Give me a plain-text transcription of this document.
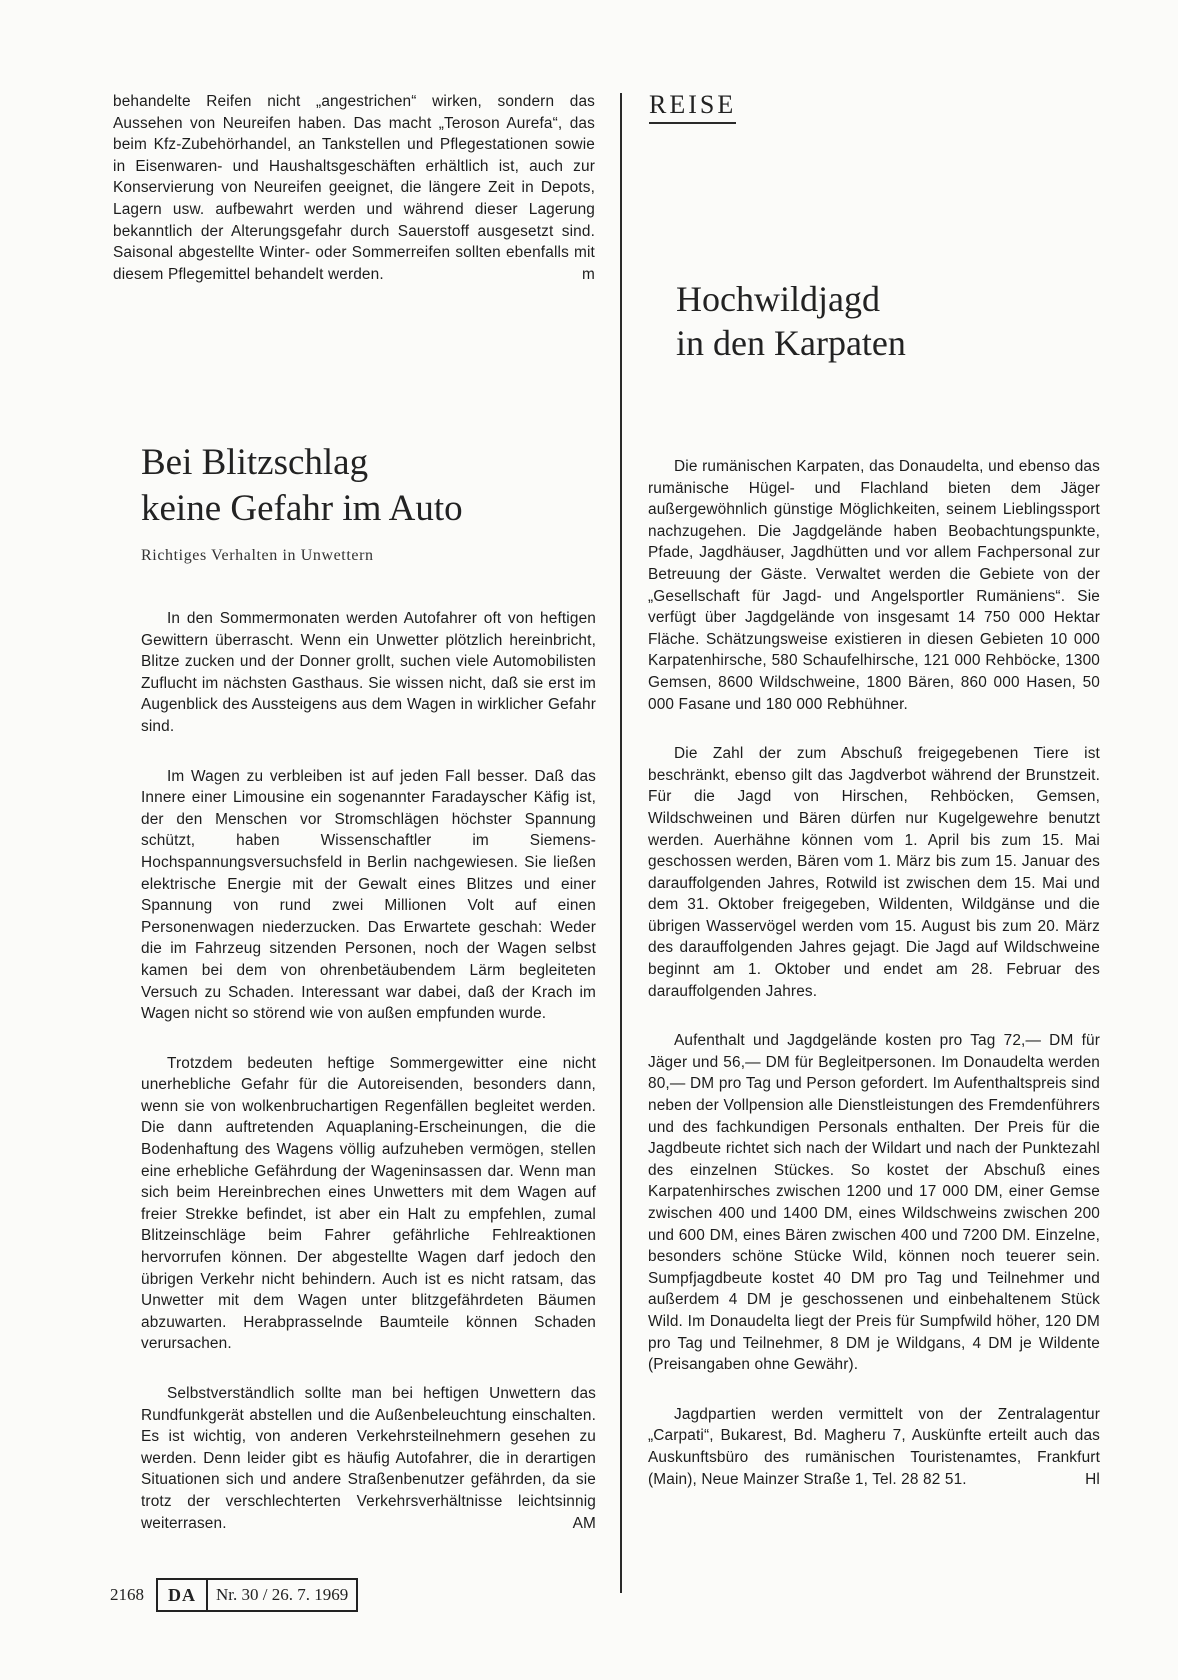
behandelte Reifen nicht „angestrichen“ wirken, sondern das Aussehen von Neureifen haben. Das macht „Teroson Aurefa“, das beim Kfz-Zubehörhandel, an Tankstellen und Pflegestationen sowie in Eisenwaren- und Haushaltsgeschäften erhältlich ist, auch zur Konservierung von Neureifen geeignet, die längere Zeit in Depots, Lagern usw. aufbewahrt werden und während dieser Lagerung bekanntlich der Alterungsgefahr durch Sauerstoff ausgesetzt sind. Saisonal abgestellte Winter- oder Sommerreifen sollten ebenfalls mit diesem Pflegemittel behandelt werden.	m

REISE
Hochwildjagd
in den Karpaten
Bei Blitzschlag
keine Gefahr im Auto
Richtiges Verhalten in Unwettern

In den Sommermonaten werden Autofahrer oft von heftigen Gewittern überrascht. Wenn ein Unwetter plötzlich hereinbricht, Blitze zucken und der Donner grollt, suchen viele Automobilisten Zuflucht im nächsten Gasthaus. Sie wissen nicht, daß sie erst im Augenblick des Aussteigens aus dem Wagen in wirklicher Gefahr sind.

Im Wagen zu verbleiben ist auf jeden Fall besser. Daß das Innere einer Limousine ein sogenannter Faradayscher Käfig ist, der den Menschen vor Stromschlägen höchster Spannung schützt, haben Wissenschaftler im Siemens-Hochspannungsversuchsfeld in Berlin nachgewiesen. Sie ließen elektrische Energie mit der Gewalt eines Blitzes und einer Spannung von rund zwei Millionen Volt auf einen Personenwagen niederzucken. Das Erwartete geschah: Weder die im Fahrzeug sitzenden Personen, noch der Wagen selbst kamen bei dem von ohrenbetäubendem Lärm begleiteten Versuch zu Schaden. Interessant war dabei, daß der Krach im Wagen nicht so störend wie von außen empfunden wurde.

Trotzdem bedeuten heftige Sommergewitter eine nicht unerhebliche Gefahr für die Autoreisenden, besonders dann, wenn sie von wolkenbruchartigen Regenfällen begleitet werden. Die dann auftretenden Aquaplaning-Erscheinungen, die die Bodenhaftung des Wagens völlig aufzuheben vermögen, stellen eine erhebliche Gefährdung der Wageninsassen dar. Wenn man sich beim Hereinbrechen eines Unwetters mit dem Wagen auf freier Strekke befindet, ist aber ein Halt zu empfehlen, zumal Blitzeinschläge beim Fahrer gefährliche Fehlreaktionen hervorrufen können. Der abgestellte Wagen darf jedoch den übrigen Verkehr nicht behindern. Auch ist es nicht ratsam, das Unwetter mit dem Wagen unter blitzgefährdeten Bäumen abzuwarten. Herabprasselnde Baumteile können Schaden verursachen.

Selbstverständlich sollte man bei heftigen Unwettern das Rundfunkgerät abstellen und die Außenbeleuchtung einschalten. Es ist wichtig, von anderen Verkehrsteilnehmern gesehen zu werden. Denn leider gibt es häufig Autofahrer, die in derartigen Situationen sich und andere Straßenbenutzer gefährden, da sie trotz der verschlechterten Verkehrsverhältnisse leichtsinnig weiterrasen.	AM

Die rumänischen Karpaten, das Donaudelta, und ebenso das rumänische Hügel- und Flachland bieten dem Jäger außergewöhnlich günstige Möglichkeiten, seinem Lieblingssport nachzugehen. Die Jagdgelände haben Beobachtungspunkte, Pfade, Jagdhäuser, Jagdhütten und vor allem Fachpersonal zur Betreuung der Gäste. Verwaltet werden die Gebiete von der „Gesellschaft für Jagd- und Angelsportler Rumäniens“. Sie verfügt über Jagdgelände von insgesamt 14 750 000 Hektar Fläche. Schätzungsweise existieren in diesen Gebieten 10 000 Karpatenhirsche, 580 Schaufelhirsche, 121 000 Rehböcke, 1300 Gemsen, 8600 Wildschweine, 1800 Bären, 860 000 Hasen, 50 000 Fasane und 180 000 Rebhühner.

Die Zahl der zum Abschuß freigegebenen Tiere ist beschränkt, ebenso gilt das Jagdverbot während der Brunstzeit. Für die Jagd von Hirschen, Rehböcken, Gemsen, Wildschweinen und Bären dürfen nur Kugelgewehre benutzt werden. Auerhähne können vom 1. April bis zum 15. Mai geschossen werden, Bären vom 1. März bis zum 15. Januar des darauffolgenden Jahres, Rotwild ist zwischen dem 15. Mai und dem 31. Oktober freigegeben, Wildenten, Wildgänse und die übrigen Wasservögel werden vom 15. August bis zum 20. März des darauffolgenden Jahres gejagt. Die Jagd auf Wildschweine beginnt am 1. Oktober und endet am 28. Februar des darauffolgenden Jahres.

Aufenthalt und Jagdgelände kosten pro Tag 72,— DM für Jäger und 56,— DM für Begleitpersonen. Im Donaudelta werden 80,— DM pro Tag und Person gefordert. Im Aufenthaltspreis sind neben der Vollpension alle Dienstleistungen des Fremdenführers und des fachkundigen Personals enthalten. Der Preis für die Jagdbeute richtet sich nach der Wildart und nach der Punktezahl des einzelnen Stückes. So kostet der Abschuß eines Karpatenhirsches zwischen 1200 und 17 000 DM, einer Gemse zwischen 400 und 1400 DM, eines Wildschweins zwischen 200 und 600 DM, eines Bären zwischen 400 und 7200 DM. Einzelne, besonders schöne Stücke Wild, können noch teuerer sein. Sumpfjagdbeute kostet 40 DM pro Tag und Teilnehmer und außerdem 4 DM je geschossenen und einbehaltenem Stück Wild. Im Donaudelta liegt der Preis für Sumpfwild höher, 120 DM pro Tag und Teilnehmer, 8 DM je Wildgans, 4 DM je Wildente (Preisangaben ohne Gewähr).

Jagdpartien werden vermittelt von der Zentralagentur „Carpati“, Bukarest, Bd. Magheru 7, Auskünfte erteilt auch das Auskunftsbüro des rumänischen Touristenamtes, Frankfurt (Main), Neue Mainzer Straße 1, Tel. 28 82 51.	Hl

2168	DA	Nr. 30 / 26. 7. 1969
